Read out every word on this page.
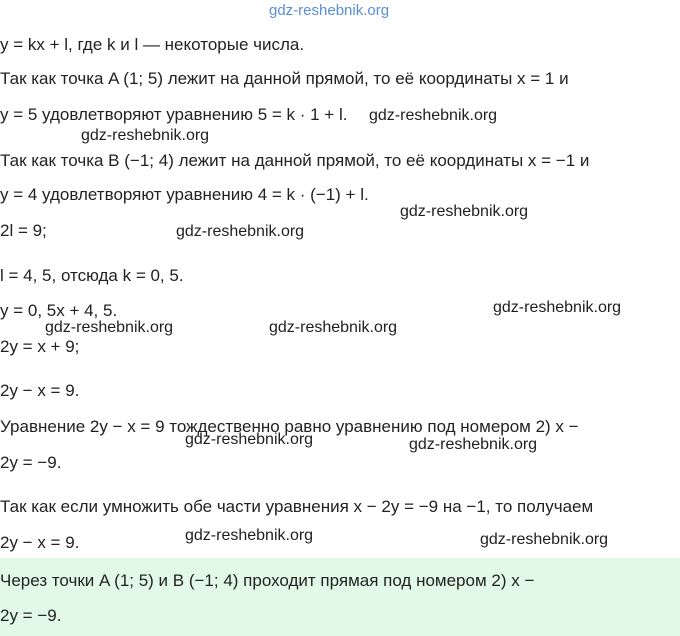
y = kx + l, где k и l — некоторые числа.
Так как точка A (1; 5) лежит на данной прямой, то её координаты x = 1 и
y = 5 удовлетворяют уравнению 5 = k · 1 + l.
Так как точка B (−1; 4) лежит на данной прямой, то её координаты x = −1 и
y = 4 удовлетворяют уравнению 4 = k · (−1) + l.
2l = 9;
l = 4, 5, отсюда k = 0, 5.
y = 0, 5x + 4, 5.
2y = x + 9;
2y − x = 9.
Уравнение 2y − x = 9 тождественно равно уравнению под номером 2) x −
2y = −9.
Так как если умножить обе части уравнения x − 2y = −9 на −1, то получаем
2y − x = 9.
Через точки A (1; 5) и B (−1; 4) проходит прямая под номером 2) x −
2y = −9.
gdz-reshebnik.org
gdz-reshebnik.org
gdz-reshebnik.org
gdz-reshebnik.org
gdz-reshebnik.org
gdz-reshebnik.org
gdz-reshebnik.org	gdz-reshebnik.org
gdz-reshebnik.org	gdz-reshebnik.org
gdz-reshebnik.org	gdz-reshebnik.org
